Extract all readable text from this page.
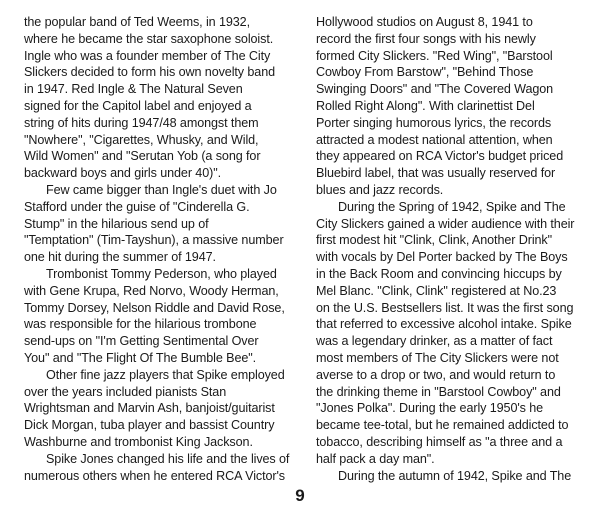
the popular band of Ted Weems, in 1932,
where he became the star saxophone soloist.
Ingle who was a founder member of The City
Slickers decided to form his own novelty band
in 1947. Red Ingle & The Natural Seven
signed for the Capitol label and enjoyed a
string of hits during 1947/48 amongst them
"Nowhere", "Cigarettes, Whusky, and Wild,
Wild Women" and "Serutan Yob (a song for
backward boys and girls under 40)".

Few came bigger than Ingle's duet with Jo
Stafford under the guise of "Cinderella G.
Stump" in the hilarious send up of
"Temptation" (Tim-Tayshun), a massive number
one hit during the summer of 1947.

Trombonist Tommy Pederson, who played
with Gene Krupa, Red Norvo, Woody Herman,
Tommy Dorsey, Nelson Riddle and David Rose,
was responsible for the hilarious trombone
send-ups on "I'm Getting Sentimental Over
You" and "The Flight Of The Bumble Bee".

Other fine jazz players that Spike employed
over the years included pianists Stan
Wrightsman and Marvin Ash, banjoist/guitarist
Dick Morgan, tuba player and bassist Country
Washburne and trombonist King Jackson.

Spike Jones changed his life and the lives of
numerous others when he entered RCA Victor's

Hollywood studios on August 8, 1941 to
record the first four songs with his newly
formed City Slickers. "Red Wing", "Barstool
Cowboy From Barstow", "Behind Those
Swinging Doors" and "The Covered Wagon
Rolled Right Along". With clarinettist Del
Porter singing humorous lyrics, the records
attracted a modest national attention, when
they appeared on RCA Victor's budget priced
Bluebird label, that was usually reserved for
blues and jazz records.

During the Spring of 1942, Spike and The
City Slickers gained a wider audience with their
first modest hit "Clink, Clink, Another Drink"
with vocals by Del Porter backed by The Boys
in the Back Room and convincing hiccups by
Mel Blanc. "Clink, Clink" registered at No.23
on the U.S. Bestsellers list. It was the first song
that referred to excessive alcohol intake. Spike
was a legendary drinker, as a matter of fact
most members of The City Slickers were not
averse to a drop or two, and would return to
the drinking theme in "Barstool Cowboy" and
"Jones Polka". During the early 1950's he
became tee-total, but he remained addicted to
tobacco, describing himself as "a three and a
half pack a day man".

During the autumn of 1942, Spike and The

9
